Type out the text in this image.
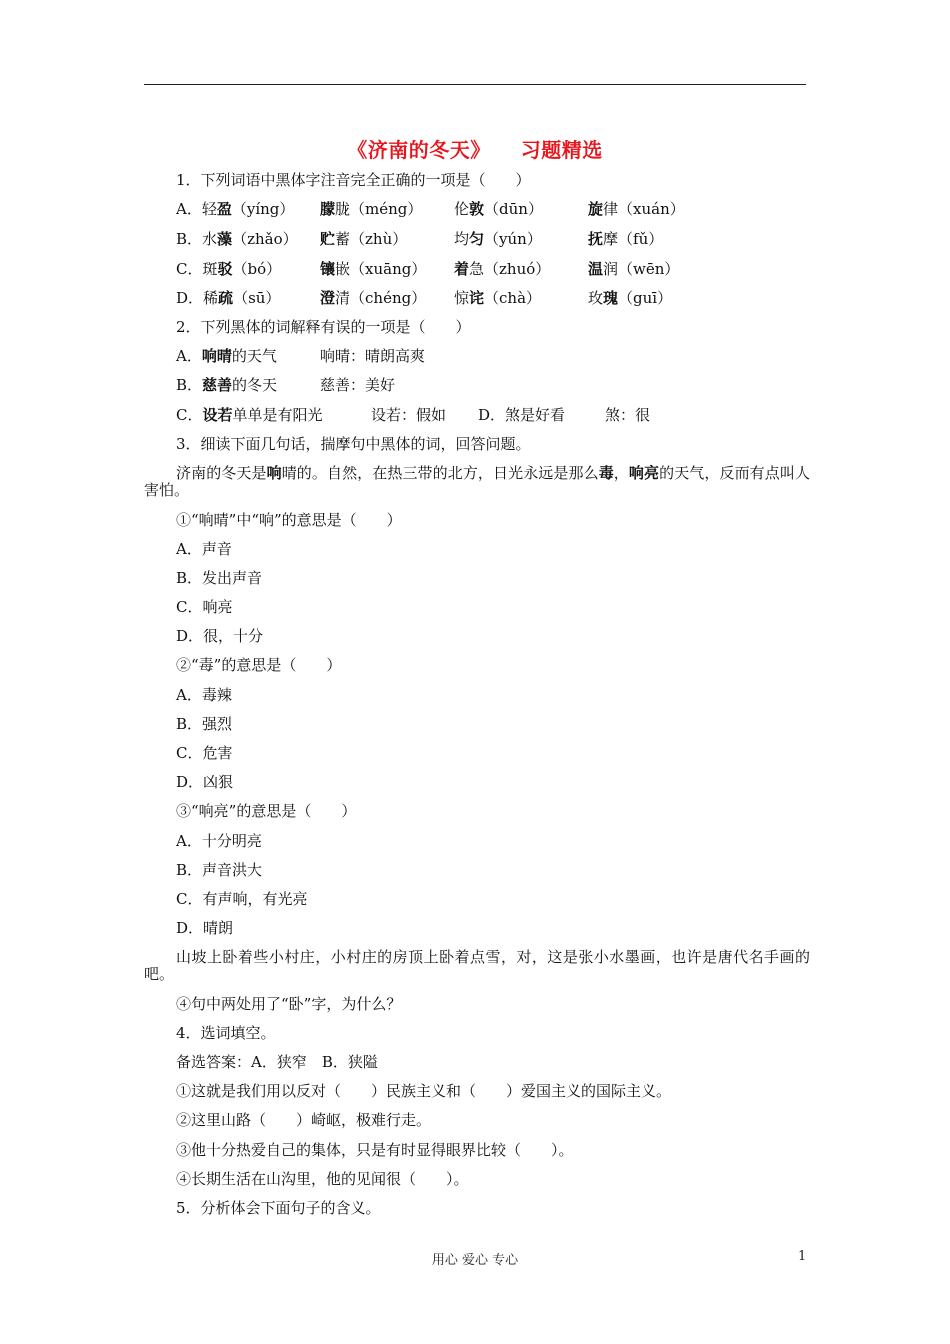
《济南的冬天》 习题精选
1．下列词语中黑体字注音完全正确的一项是（　　）
A．轻盈（yíng） 朦胧（méng） 伦敦（dūn）	旋律（xuán）
B．水藻（zhǎo） 贮蓄（zhù）	均匀（yún）	抚摩（fǔ）
C．斑驳（bó）	镶嵌（xuāng） 着急（zhuó）	温润（wēn）
D．稀疏（sū）	澄清（chéng） 惊诧（chà）	玫瑰（guī）
2．下列黑体的词解释有误的一项是（　　）
A．响晴的天气	响晴：晴朗高爽
B．慈善的冬天	慈善：美好
C．设若单单是有阳光	设若：假如 D．煞是好看	煞：很
3．细读下面几句话，揣摩句中黑体的词，回答问题。
济南的冬天是响晴的。自然，在热三带的北方，日光永远是那么毒，响亮的天气，反而有点叫人害怕。
①“响晴”中“响”的意思是（　　）
A．声音
B．发出声音
C．响亮
D．很，十分
②“毒”的意思是（　　）
A．毒辣
B．强烈
C．危害
D．凶狠
③“响亮”的意思是（　　）
A．十分明亮
B．声音洪大
C．有声响，有光亮
D．晴朗
山坡上卧着些小村庄，小村庄的房顶上卧着点雪，对，这是张小水墨画，也许是唐代名手画的吧。
④句中两处用了“卧”字，为什么？
4．选词填空。
备选答案：A．狭窄　B．狭隘
①这就是我们用以反对（　　）民族主义和（　　）爱国主义的国际主义。
②这里山路（　　）崎岖，极难行走。
③他十分热爱自己的集体，只是有时显得眼界比较（　　）。
④长期生活在山沟里，他的见闻很（　　）。
5．分析体会下面句子的含义。
用心 爱心 专心	1
